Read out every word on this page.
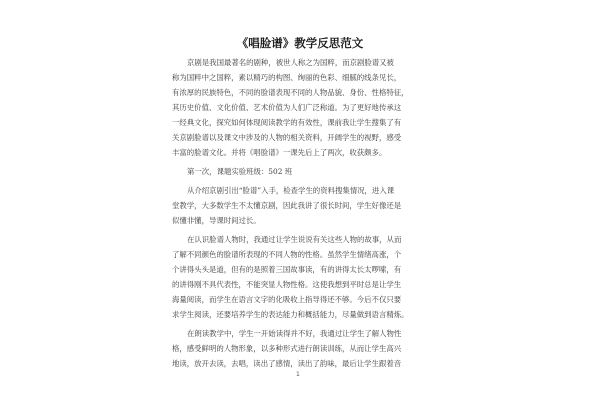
《唱脸谱》教学反思范文

京剧是我国最著名的剧种，被世人称之为国粹，而京剧脸谱又被
称为国粹中之国粹，素以精巧的构图、绚丽的色彩、细腻的线条见长，
有浓厚的民族特色，不同的脸谱表现不同的人物品貌、身份、性格特征，
其历史价值、文化价值、艺术价值为人们广泛称道。为了更好地传承这
一经典文化，探究如何体现阅读教学的有效性，课前我让学生搜集了有
关京剧脸谱以及课文中涉及的人物的相关资料，开阔学生的视野，感受
丰富的脸谱文化。并将《唱脸谱》一课先后上了两次，收获颇多。

第一次，课题实验班级：502 班

从介绍京剧引出“脸谱”入手，检查学生的资料搜集情况，进入课
堂教学，大多数学生不太懂京剧，因此我讲了很长时间，学生好像还是
似懂非懂，导课时间过长。

在认识脸谱人物时，我通过让学生说说有关这些人物的故事，从而
了解不同颜色的脸谱所表现的不同人物的性格。虽然学生情绪高涨，个
个讲得头头是道，但有的是照着三国故事读，有的讲得太长太啰嗦，有
的讲得刚不具代表性，不能突显人物性格。这使我想到平时总是让学生
海量阅读，而学生在语言文字的化吸收上指导得还不够。今后不仅只要
求学生阅读，还要培养学生的表达能力和概括能力，尽量做到语言精炼。

在朗读教学中，学生一开始读得并不好，我通过让学生了解人物性
格，感受鲜明的人物形象，以多种形式进行朗读训练，从而让学生高兴
地读，放开去读，去唱，读出了感情，读出了韵味，最后让学生跟着音

1
